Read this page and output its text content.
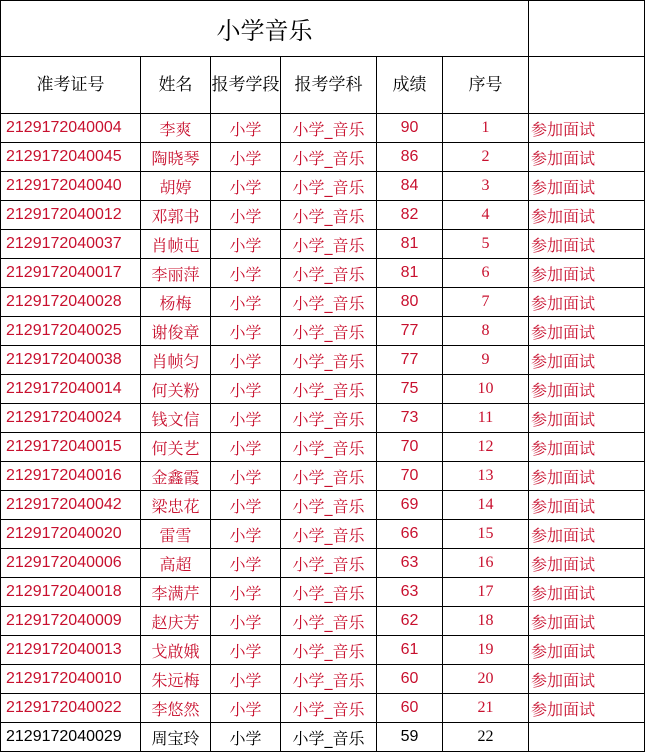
小学音乐						
准考证号	姓名	报考学段	报考学科	成绩	序号	
2129172040004	李爽	小学	小学_音乐	90	1	参加面试
2129172040045	陶晓琴	小学	小学_音乐	86	2	参加面试
2129172040040	胡婷	小学	小学_音乐	84	3	参加面试
2129172040012	邓郭书	小学	小学_音乐	82	4	参加面试
2129172040037	肖帧屯	小学	小学_音乐	81	5	参加面试
2129172040017	李丽萍	小学	小学_音乐	81	6	参加面试
2129172040028	杨梅	小学	小学_音乐	80	7	参加面试
2129172040025	谢俊章	小学	小学_音乐	77	8	参加面试
2129172040038	肖帧匀	小学	小学_音乐	77	9	参加面试
2129172040014	何关粉	小学	小学_音乐	75	10	参加面试
2129172040024	钱文信	小学	小学_音乐	73	11	参加面试
2129172040015	何关艺	小学	小学_音乐	70	12	参加面试
2129172040016	金鑫霞	小学	小学_音乐	70	13	参加面试
2129172040042	梁忠花	小学	小学_音乐	69	14	参加面试
2129172040020	雷雪	小学	小学_音乐	66	15	参加面试
2129172040006	高超	小学	小学_音乐	63	16	参加面试
2129172040018	李满芹	小学	小学_音乐	63	17	参加面试
2129172040009	赵庆芳	小学	小学_音乐	62	18	参加面试
2129172040013	戈啟娥	小学	小学_音乐	61	19	参加面试
2129172040010	朱远梅	小学	小学_音乐	60	20	参加面试
2129172040022	李悠然	小学	小学_音乐	60	21	参加面试
2129172040029	周宝玲	小学	小学_音乐	59	22	
